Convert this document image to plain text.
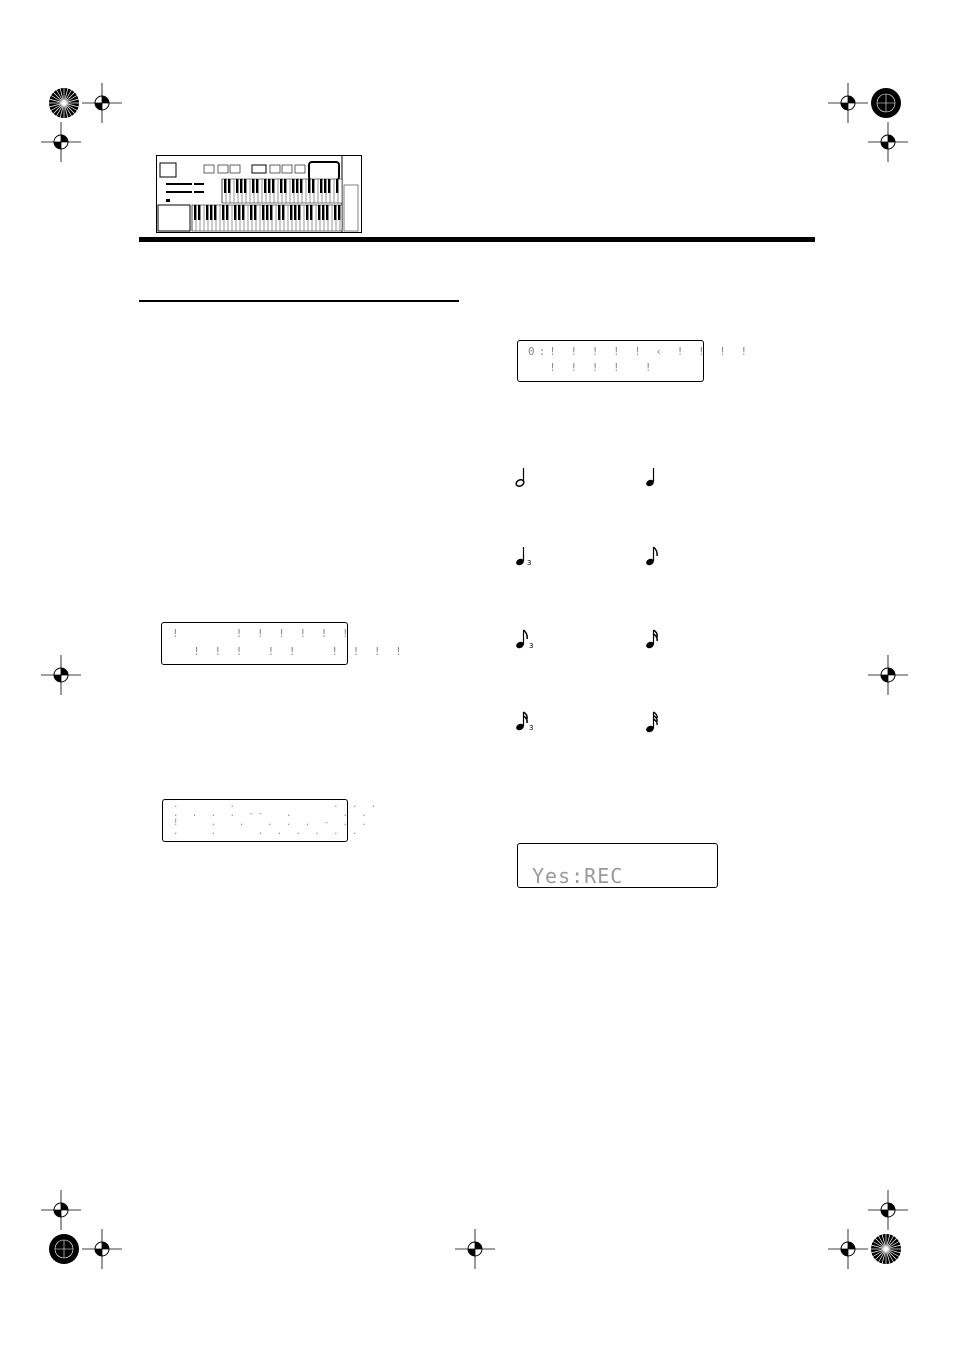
0:! ! ! ! ! ‹ ! ! ! !
! ! ! !  !
!     ! ! ! ! ! !
! ! !  ! !   ! ! ! !
.     .          . . .
. . . . --  .     . .
!   .  .  . . . - . .
.   .    . . . . . .
Yes:REC
3
3
3
